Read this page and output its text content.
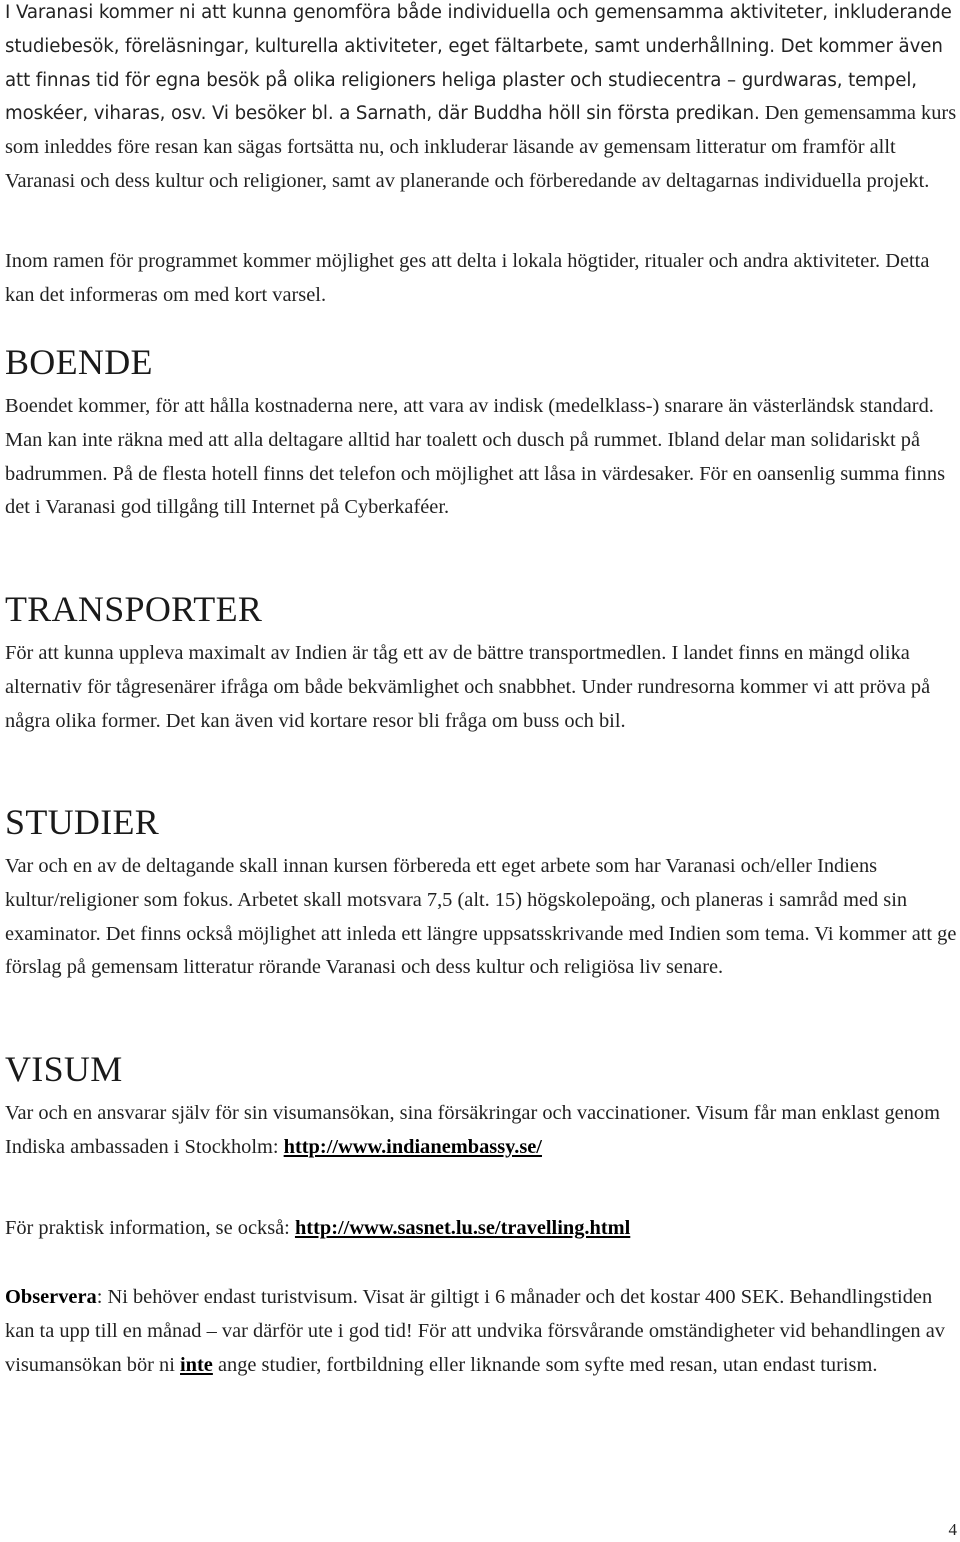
I Varanasi kommer ni att kunna genomföra både individuella och gemensamma aktiviteter, inkluderande studiebesök, föreläsningar, kulturella aktiviteter, eget fältarbete, samt underhållning. Det kommer även att finnas tid för egna besök på olika religioners heliga plaster och studiecentra – gurdwaras, tempel, moskéer, viharas, osv. Vi besöker bl. a Sarnath, där Buddha höll sin första predikan. Den gemensamma kurs som inleddes före resan kan sägas fortsätta nu, och inkluderar läsande av gemensam litteratur om framför allt Varanasi och dess kultur och religioner, samt av planerande och förberedande av deltagarnas individuella projekt.

Inom ramen för programmet kommer möjlighet ges att delta i lokala högtider, ritualer och andra aktiviteter. Detta kan det informeras om med kort varsel.

BOENDE

Boendet kommer, för att hålla kostnaderna nere, att vara av indisk (medelklass-) snarare än västerländsk standard. Man kan inte räkna med att alla deltagare alltid har toalett och dusch på rummet. Ibland delar man solidariskt på badrummen. På de flesta hotell finns det telefon och möjlighet att låsa in värdesaker. För en oansenlig summa finns det i Varanasi god tillgång till Internet på Cyberkaféer.

TRANSPORTER

För att kunna uppleva maximalt av Indien är tåg ett av de bättre transportmedlen. I landet finns en mängd olika alternativ för tågresenärer ifråga om både bekvämlighet och snabbhet. Under rundresorna kommer vi att pröva på några olika former. Det kan även vid kortare resor bli fråga om buss och bil.

STUDIER

Var och en av de deltagande skall innan kursen förbereda ett eget arbete som har Varanasi och/eller Indiens kultur/religioner som fokus. Arbetet skall motsvara 7,5 (alt. 15) högskolepoäng, och planeras i samråd med sin examinator. Det finns också möjlighet att inleda ett längre uppsatsskrivande med Indien som tema. Vi kommer att ge förslag på gemensam litteratur rörande Varanasi och dess kultur och religiösa liv senare.

VISUM

Var och en ansvarar själv för sin visumansökan, sina försäkringar och vaccinationer. Visum får man enklast genom Indiska ambassaden i Stockholm: http://www.indianembassy.se/

För praktisk information, se också: http://www.sasnet.lu.se/travelling.html

Observera: Ni behöver endast turistvisum. Visat är giltigt i 6 månader och det kostar 400 SEK. Behandlingstiden kan ta upp till en månad – var därför ute i god tid! För att undvika försvårande omständigheter vid behandlingen av visumansökan bör ni inte ange studier, fortbildning eller liknande som syfte med resan, utan endast turism.

4
